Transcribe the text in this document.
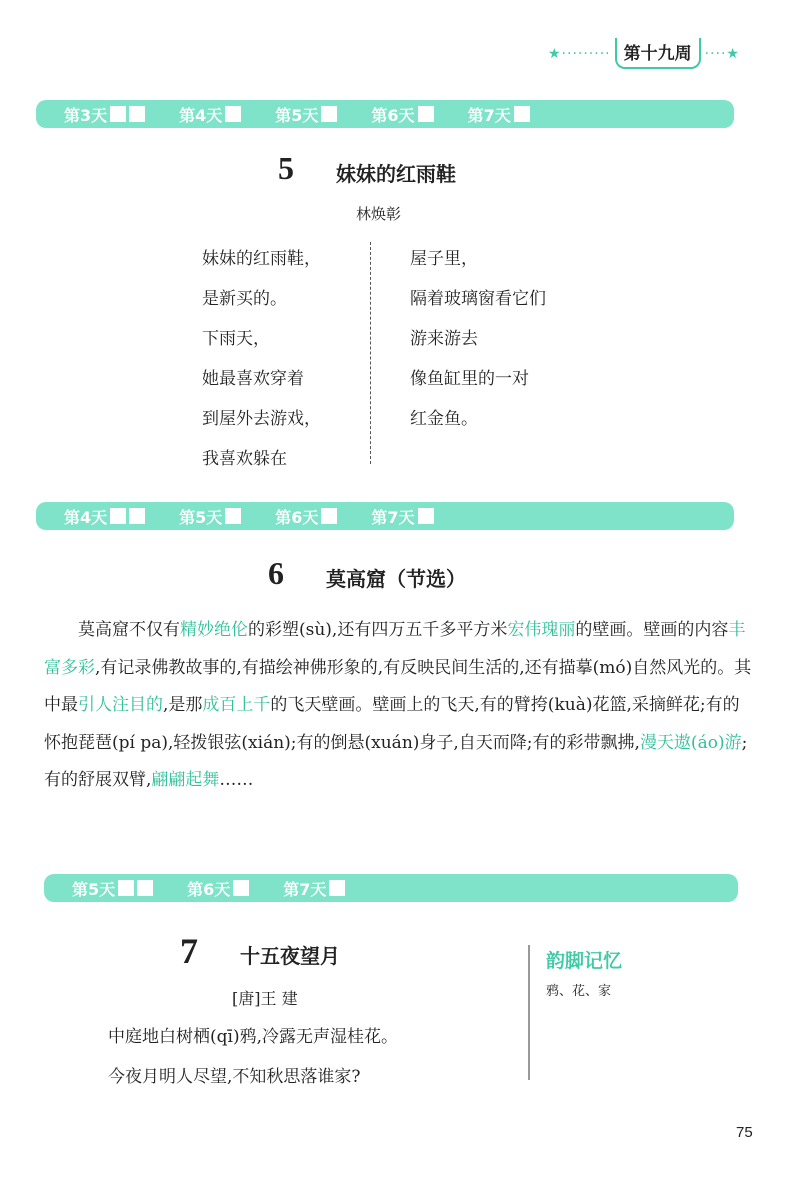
★········· 第十九周 ····★
第3天	第4天	第5天	第6天	第7天
5 妹妹的红雨鞋
林焕彰
妹妹的红雨鞋，
是新买的。
下雨天，
她最喜欢穿着
到屋外去游戏，
我喜欢躲在
屋子里，
隔着玻璃窗看它们
游来游去
像鱼缸里的一对
红金鱼。
第4天	第5天	第6天	第7天
6 莫高窟（节选）
莫高窟不仅有精妙绝伦的彩塑(sù),还有四万五千多平方米宏伟瑰丽的壁画。壁画的内容丰富多彩,有记录佛教故事的,有描绘神佛形象的,有反映民间生活的,还有描摹(mó)自然风光的。其中最引人注目的,是那成百上千的飞天壁画。壁画上的飞天,有的臂挎(kuà)花篮,采摘鲜花;有的怀抱琵琶(pí pa),轻拨银弦(xián);有的倒悬(xuán)身子,自天而降;有的彩带飘拂,漫天遨(áo)游;有的舒展双臂,翩翩起舞……
第5天	第6天	第7天
7 十五夜望月
[唐]王 建
中庭地白树栖(qī)鸦,冷露无声湿桂花。
今夜月明人尽望,不知秋思落谁家?
韵脚记忆
鸦、花、家
75
